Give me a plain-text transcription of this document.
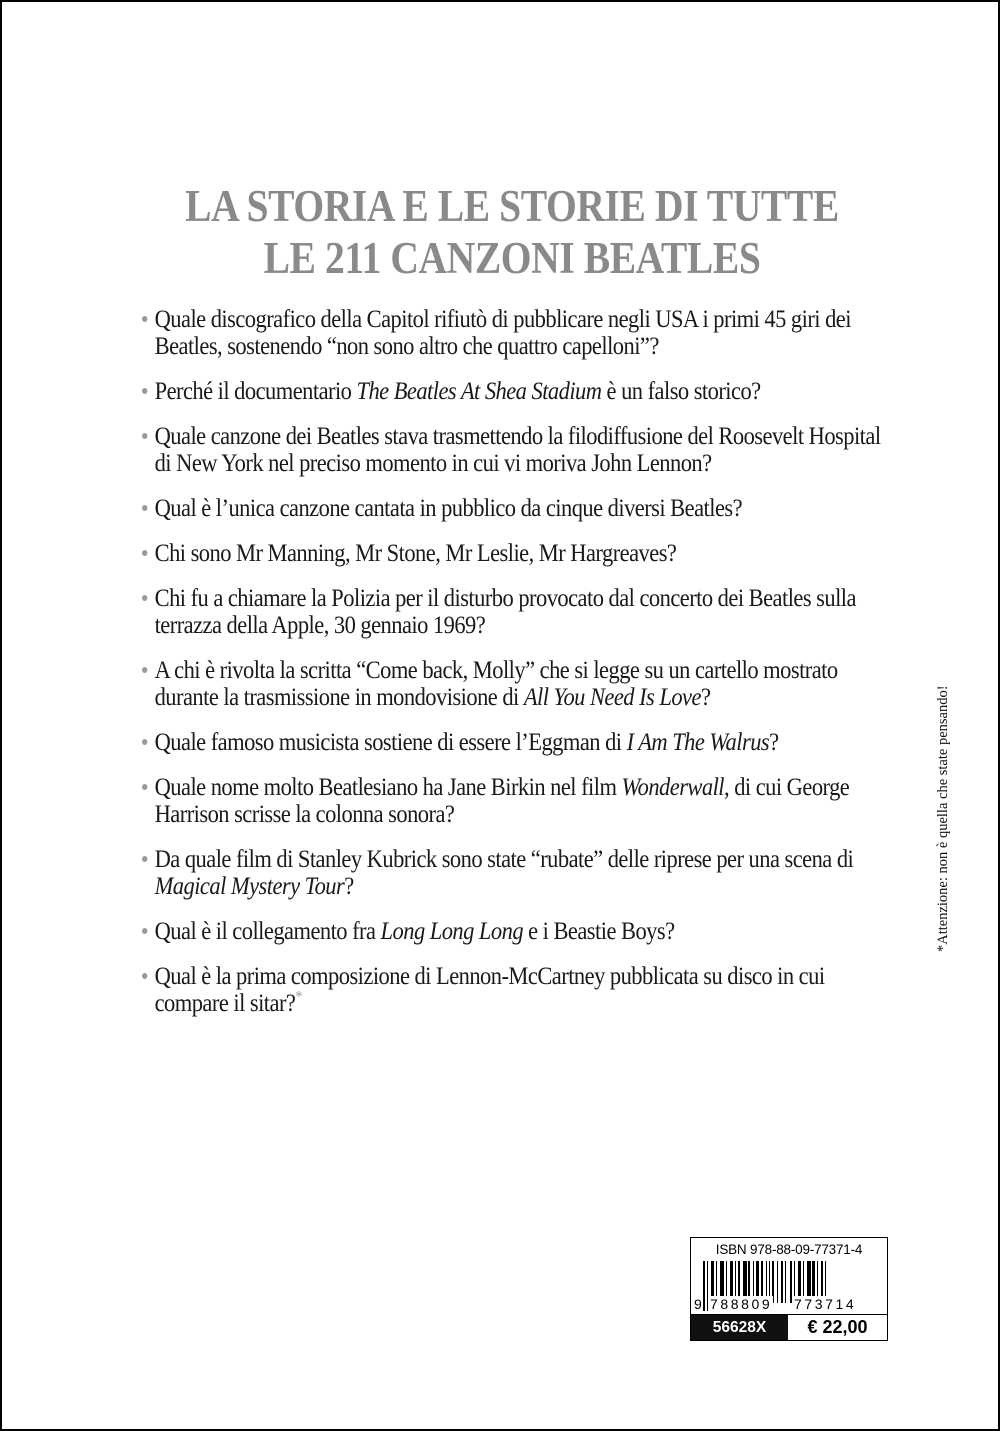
LA STORIA E LE STORIE DI TUTTE
LE 211 CANZONI BEATLES
Quale discografico della Capitol rifiutò di pubblicare negli USA i primi 45 giri dei Beatles, sostenendo “non sono altro che quattro capelloni”?
Perché il documentario The Beatles At Shea Stadium è un falso storico?
Quale canzone dei Beatles stava trasmettendo la filodiffusione del Roosevelt Hospital di New York nel preciso momento in cui vi moriva John Lennon?
Qual è l’unica canzone cantata in pubblico da cinque diversi Beatles?
Chi sono Mr Manning, Mr Stone, Mr Leslie, Mr Hargreaves?
Chi fu a chiamare la Polizia per il disturbo provocato dal concerto dei Beatles sulla terrazza della Apple, 30 gennaio 1969?
A chi è rivolta la scritta “Come back, Molly” che si legge su un cartello mostrato durante la trasmissione in mondovisione di All You Need Is Love?
Quale famoso musicista sostiene di essere l’Eggman di I Am The Walrus?
Quale nome molto Beatlesiano ha Jane Birkin nel film Wonderwall, di cui George Harrison scrisse la colonna sonora?
Da quale film di Stanley Kubrick sono state “rubate” delle riprese per una scena di Magical Mystery Tour?
Qual è il collegamento fra Long Long Long e i Beastie Boys?
Qual è la prima composizione di Lennon-McCartney pubblicata su disco in cui compare il sitar?*
*Attenzione: non è quella che state pensando!
ISBN 978-88-09-77371-4
9 788809 773714
56628X	€ 22,00
